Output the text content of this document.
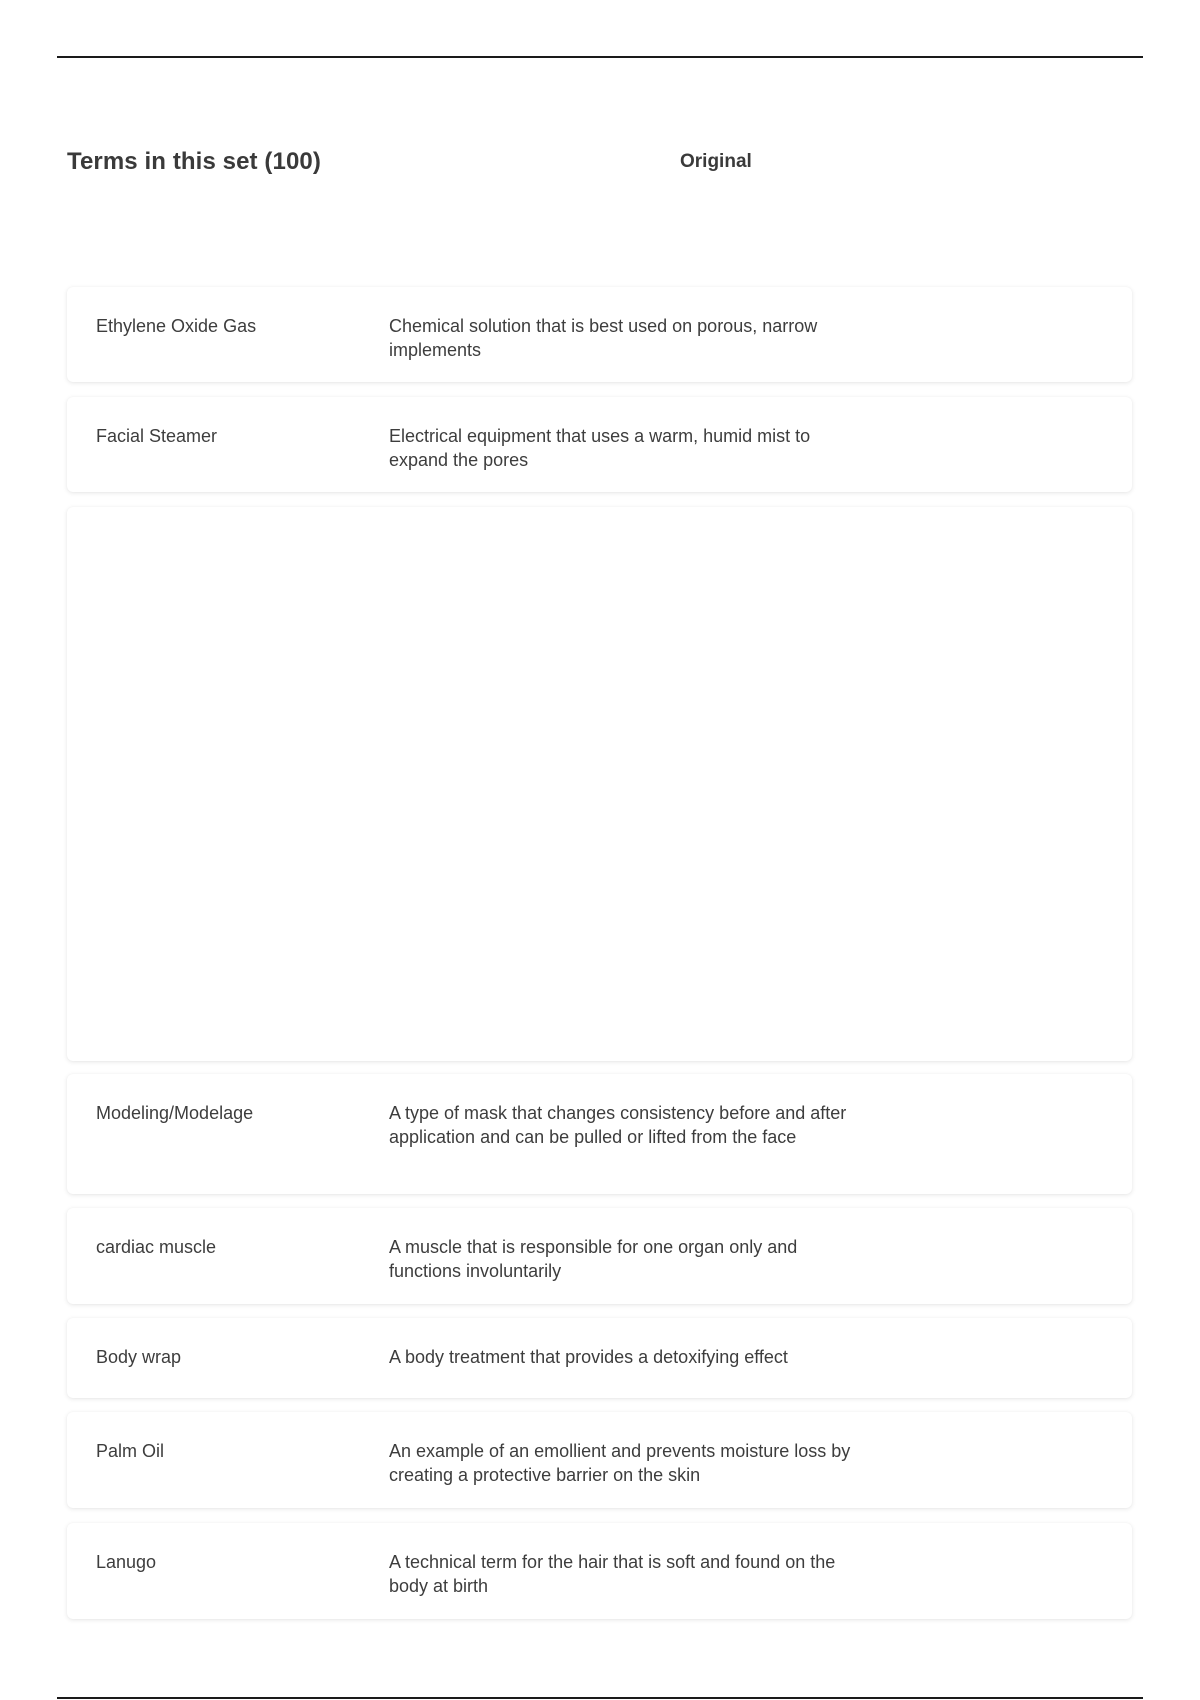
Terms in this set (100)	Original
Ethylene Oxide Gas	Chemical solution that is best used on porous, narrow implements
Facial Steamer	Electrical equipment that uses a warm, humid mist to expand the pores
Modeling/Modelage	A type of mask that changes consistency before and after application and can be pulled or lifted from the face
cardiac muscle	A muscle that is responsible for one organ only and functions involuntarily
Body wrap	A body treatment that provides a detoxifying effect
Palm Oil	An example of an emollient and prevents moisture loss by creating a protective barrier on the skin
Lanugo	A technical term for the hair that is soft and found on the body at birth
